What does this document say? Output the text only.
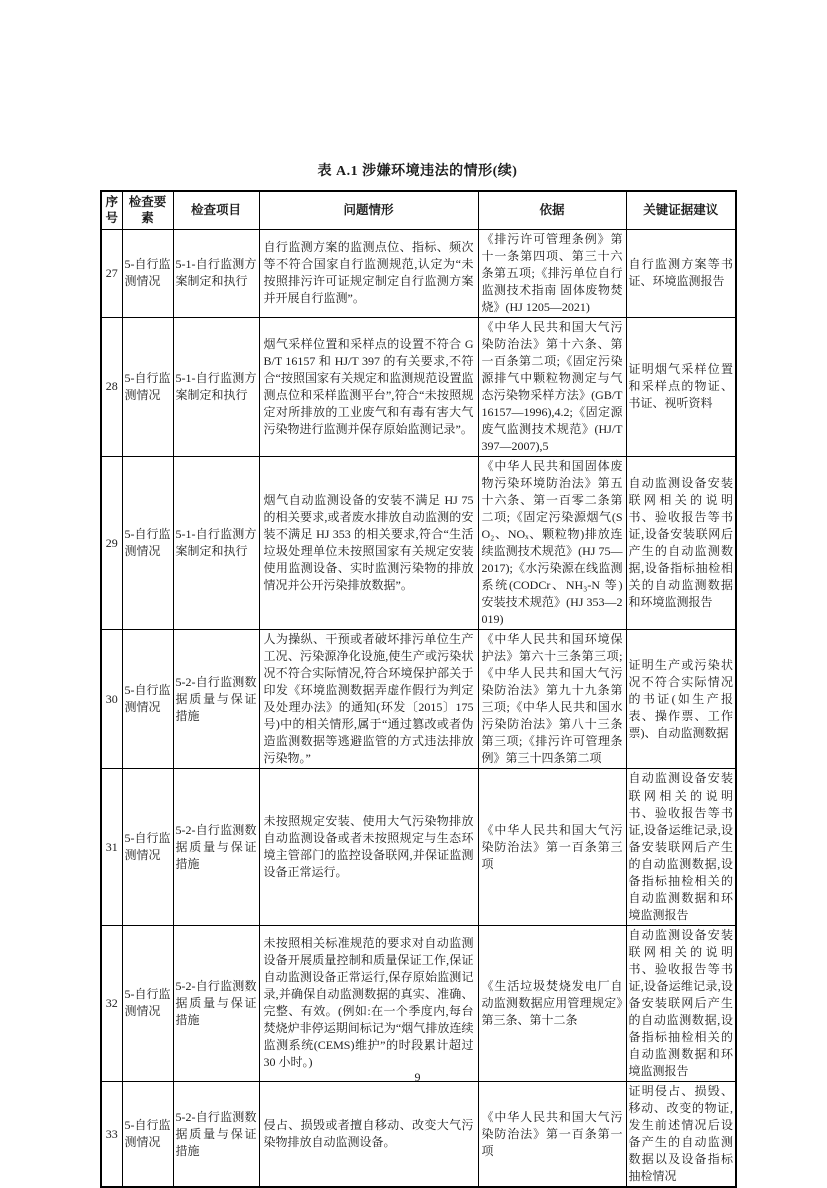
表 A.1 涉嫌环境违法的情形(续)
序号	检查要素	检查项目	问题情形	依据	关键证据建议
27	5-自行监测情况	5-1-自行监测方案制定和执行	自行监测方案的监测点位、指标、频次等不符合国家自行监测规范,认定为“未按照排污许可证规定制定自行监测方案并开展自行监测”。	《排污许可管理条例》第十一条第四项、第三十六条第五项;《排污单位自行监测技术指南 固体废物焚烧》(HJ 1205—2021)	自行监测方案等书证、环境监测报告
28	5-自行监测情况	5-1-自行监测方案制定和执行	烟气采样位置和采样点的设置不符合 GB/T 16157 和 HJ/T 397 的有关要求,不符合“按照国家有关规定和监测规范设置监测点位和采样监测平台”,符合“未按照规定对所排放的工业废气和有毒有害大气污染物进行监测并保存原始监测记录”。	《中华人民共和国大气污染防治法》第十六条、第一百条第二项;《固定污染源排气中颗粒物测定与气态污染物采样方法》(GB/T 16157—1996),4.2;《固定源废气监测技术规范》(HJ/T 397—2007),5	证明烟气采样位置和采样点的物证、书证、视听资料
29	5-自行监测情况	5-1-自行监测方案制定和执行	烟气自动监测设备的安装不满足 HJ 75 的相关要求,或者废水排放自动监测的安装不满足 HJ 353 的相关要求,符合“生活垃圾处理单位未按照国家有关规定安装使用监测设备、实时监测污染物的排放情况并公开污染排放数据”。	《中华人民共和国固体废物污染环境防治法》第五十六条、第一百零二条第二项;《固定污染源烟气(SO₂、NOₓ、颗粒物)排放连续监测技术规范》(HJ 75—2017);《水污染源在线监测系统(CODCr、NH₃-N 等)安装技术规范》(HJ 353—2019)	自动监测设备安装联网相关的说明书、验收报告等书证,设备安装联网后产生的自动监测数据,设备指标抽检相关的自动监测数据和环境监测报告
30	5-自行监测情况	5-2-自行监测数据质量与保证措施	人为操纵、干预或者破坏排污单位生产工况、污染源净化设施,使生产或污染状况不符合实际情况,符合环境保护部关于印发《环境监测数据弄虚作假行为判定及处理办法》的通知(环发〔2015〕175 号)中的相关情形,属于“通过篡改或者伪造监测数据等逃避监管的方式违法排放污染物。”	《中华人民共和国环境保护法》第六十三条第三项;《中华人民共和国大气污染防治法》第九十九条第三项;《中华人民共和国水污染防治法》第八十三条第三项;《排污许可管理条例》第三十四条第二项	证明生产或污染状况不符合实际情况的书证(如生产报表、操作票、工作票)、自动监测数据
31	5-自行监测情况	5-2-自行监测数据质量与保证措施	未按照规定安装、使用大气污染物排放自动监测设备或者未按照规定与生态环境主管部门的监控设备联网,并保证监测设备正常运行。	《中华人民共和国大气污染防治法》第一百条第三项	自动监测设备安装联网相关的说明书、验收报告等书证,设备运维记录,设备安装联网后产生的自动监测数据,设备指标抽检相关的自动监测数据和环境监测报告
32	5-自行监测情况	5-2-自行监测数据质量与保证措施	未按照相关标准规范的要求对自动监测设备开展质量控制和质量保证工作,保证自动监测设备正常运行,保存原始监测记录,并确保自动监测数据的真实、准确、完整、有效。(例如:在一个季度内,每台焚烧炉非停运期间标记为“烟气排放连续监测系统(CEMS)维护”的时段累计超过 30 小时。)	《生活垃圾焚烧发电厂自动监测数据应用管理规定》第三条、第十二条	自动监测设备安装联网相关的说明书、验收报告等书证,设备运维记录,设备安装联网后产生的自动监测数据,设备指标抽检相关的自动监测数据和环境监测报告
33	5-自行监测情况	5-2-自行监测数据质量与保证措施	侵占、损毁或者擅自移动、改变大气污染物排放自动监测设备。	《中华人民共和国大气污染防治法》第一百条第一项	证明侵占、损毁、移动、改变的物证,发生前述情况后设备产生的自动监测数据以及设备指标抽检情况
9
